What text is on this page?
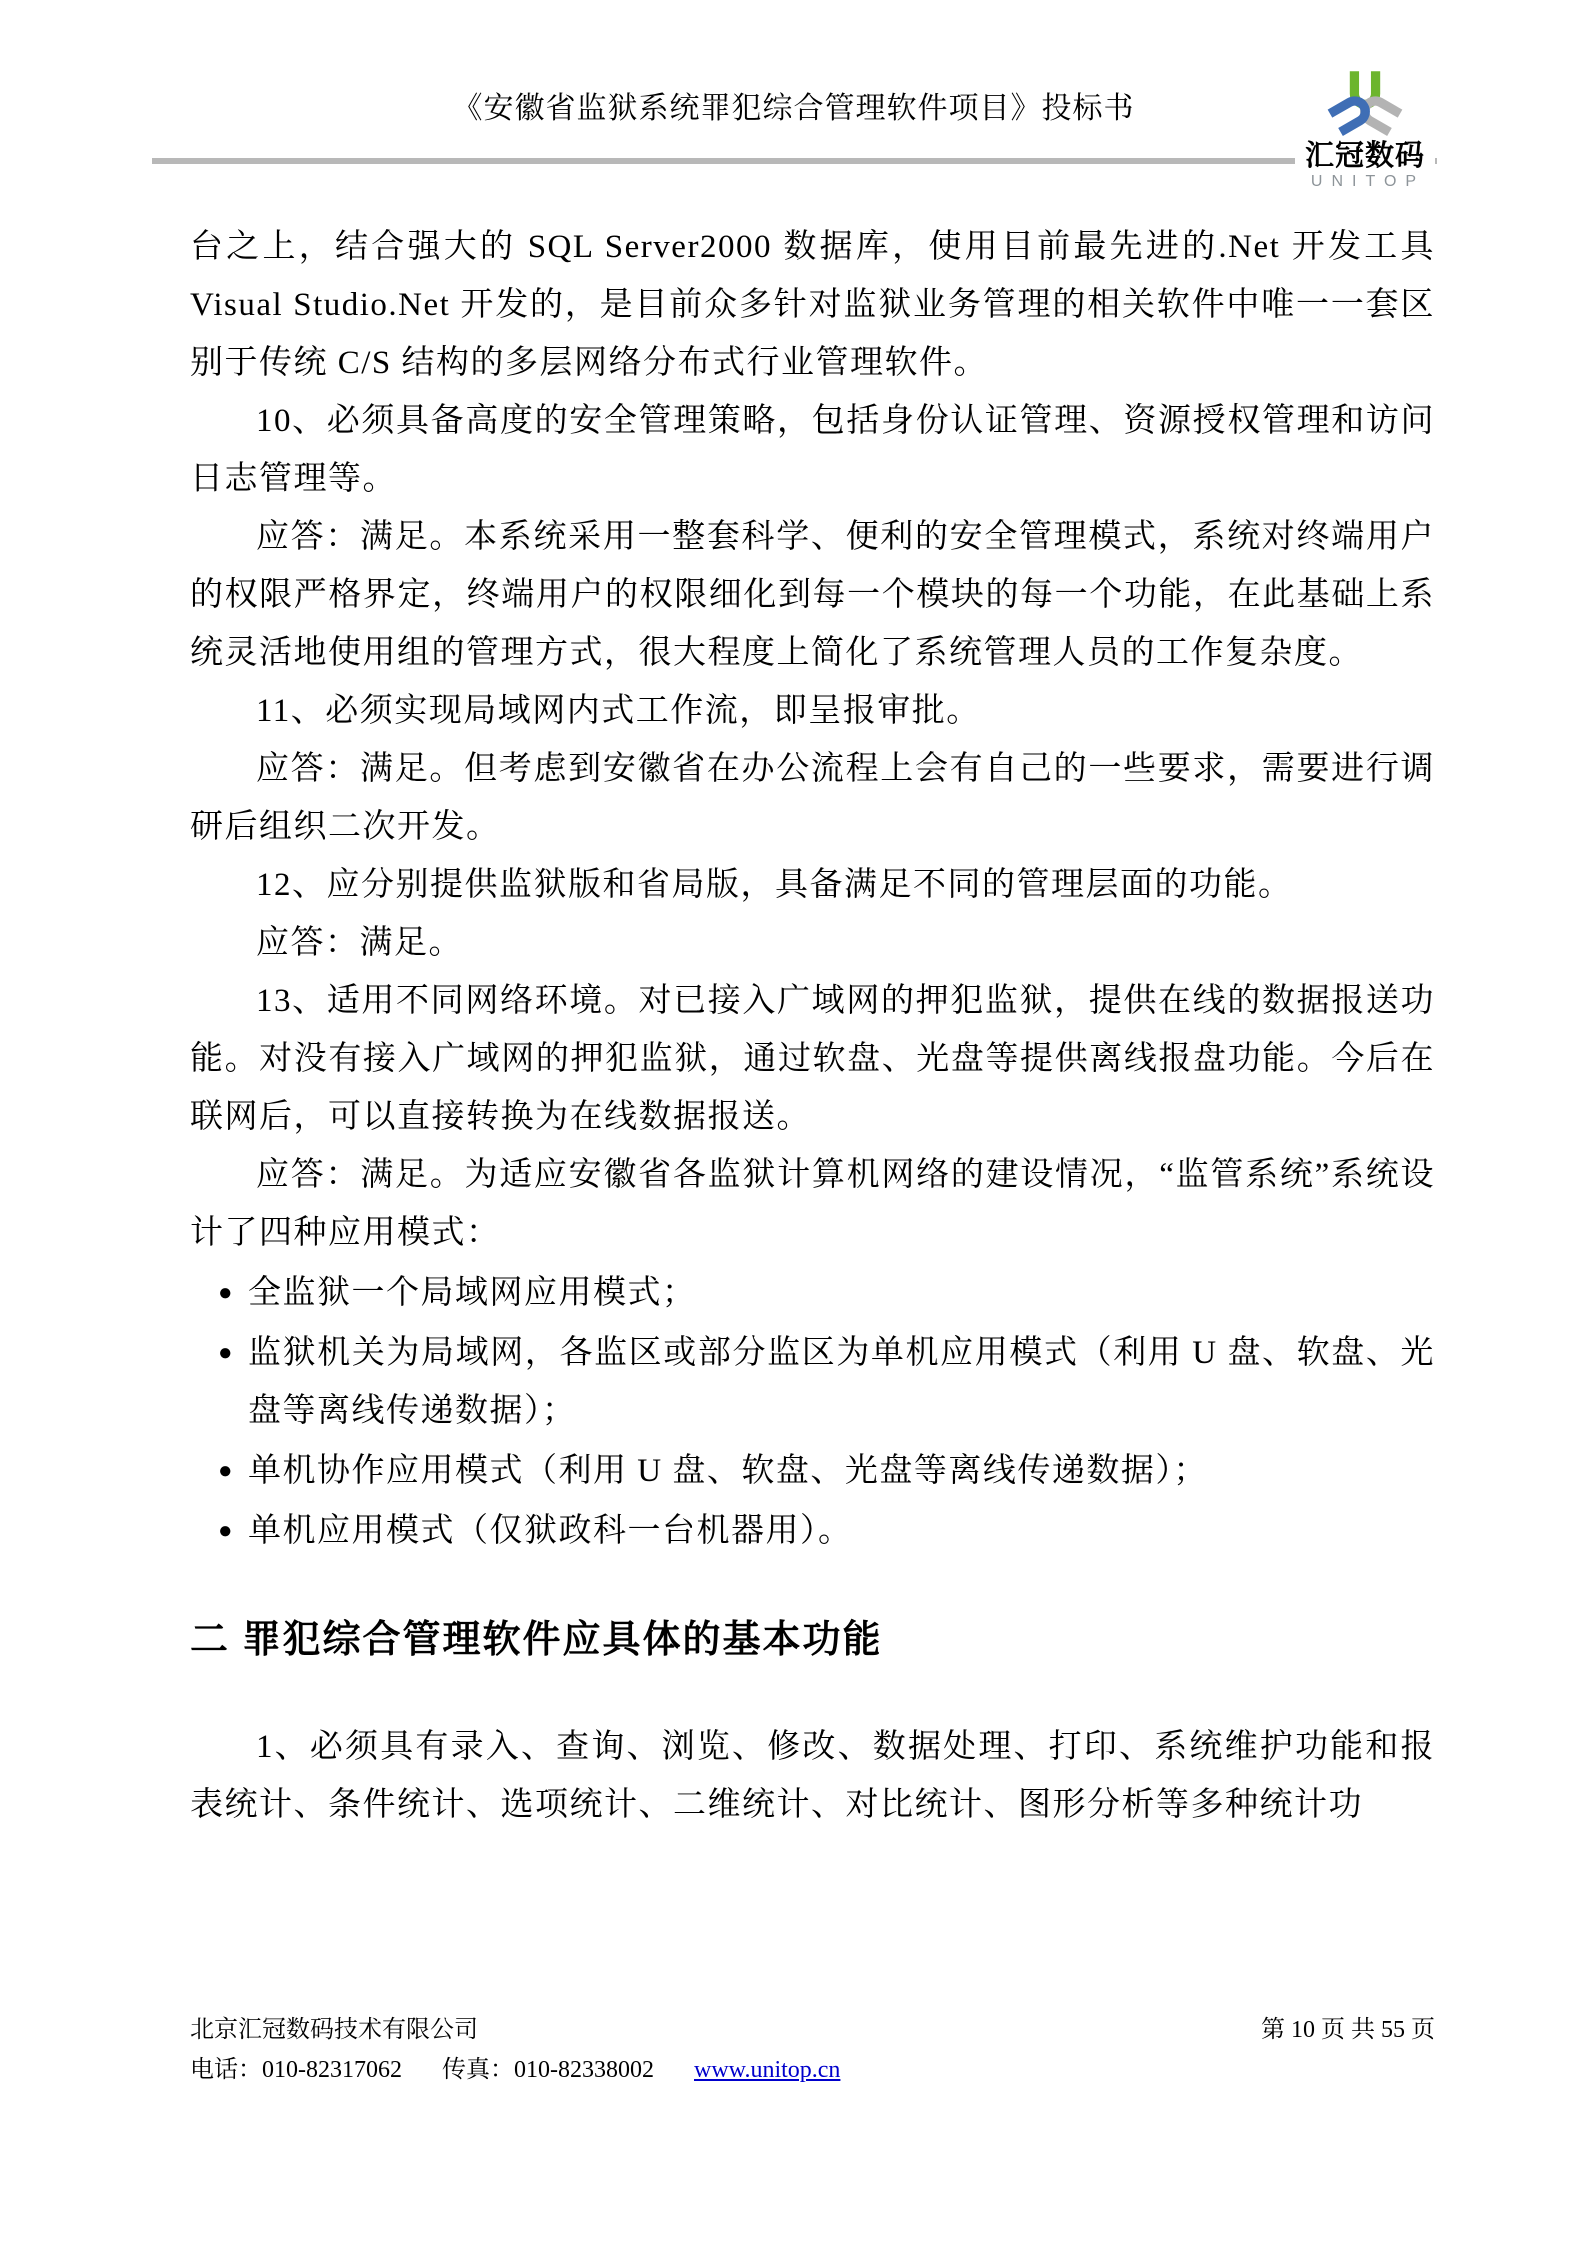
《安徽省监狱系统罪犯综合管理软件项目》投标书
汇冠数码
UNITOP

台之上，结合强大的 SQL Server2000 数据库，使用目前最先进的.Net 开发工具 Visual Studio.Net 开发的，是目前众多针对监狱业务管理的相关软件中唯一一套区别于传统 C/S 结构的多层网络分布式行业管理软件。

10、必须具备高度的安全管理策略，包括身份认证管理、资源授权管理和访问日志管理等。

应答：满足。本系统采用一整套科学、便利的安全管理模式，系统对终端用户的权限严格界定，终端用户的权限细化到每一个模块的每一个功能，在此基础上系统灵活地使用组的管理方式，很大程度上简化了系统管理人员的工作复杂度。

11、必须实现局域网内式工作流，即呈报审批。

应答：满足。但考虑到安徽省在办公流程上会有自己的一些要求，需要进行调研后组织二次开发。

12、应分别提供监狱版和省局版，具备满足不同的管理层面的功能。

应答：满足。

13、适用不同网络环境。对已接入广域网的押犯监狱，提供在线的数据报送功能。对没有接入广域网的押犯监狱，通过软盘、光盘等提供离线报盘功能。今后在联网后，可以直接转换为在线数据报送。

应答：满足。为适应安徽省各监狱计算机网络的建设情况，“监管系统”系统设计了四种应用模式：

● 全监狱一个局域网应用模式；
● 监狱机关为局域网，各监区或部分监区为单机应用模式（利用 U 盘、软盘、光盘等离线传递数据）；
● 单机协作应用模式（利用 U 盘、软盘、光盘等离线传递数据）；
● 单机应用模式（仅狱政科一台机器用）。
二 罪犯综合管理软件应具体的基本功能

1、必须具有录入、查询、浏览、修改、数据处理、打印、系统维护功能和报表统计、条件统计、选项统计、二维统计、对比统计、图形分析等多种统计功

北京汇冠数码技术有限公司	第 10 页 共 55 页
电话：010-82317062 传真：010-82338002 www.unitop.cn
